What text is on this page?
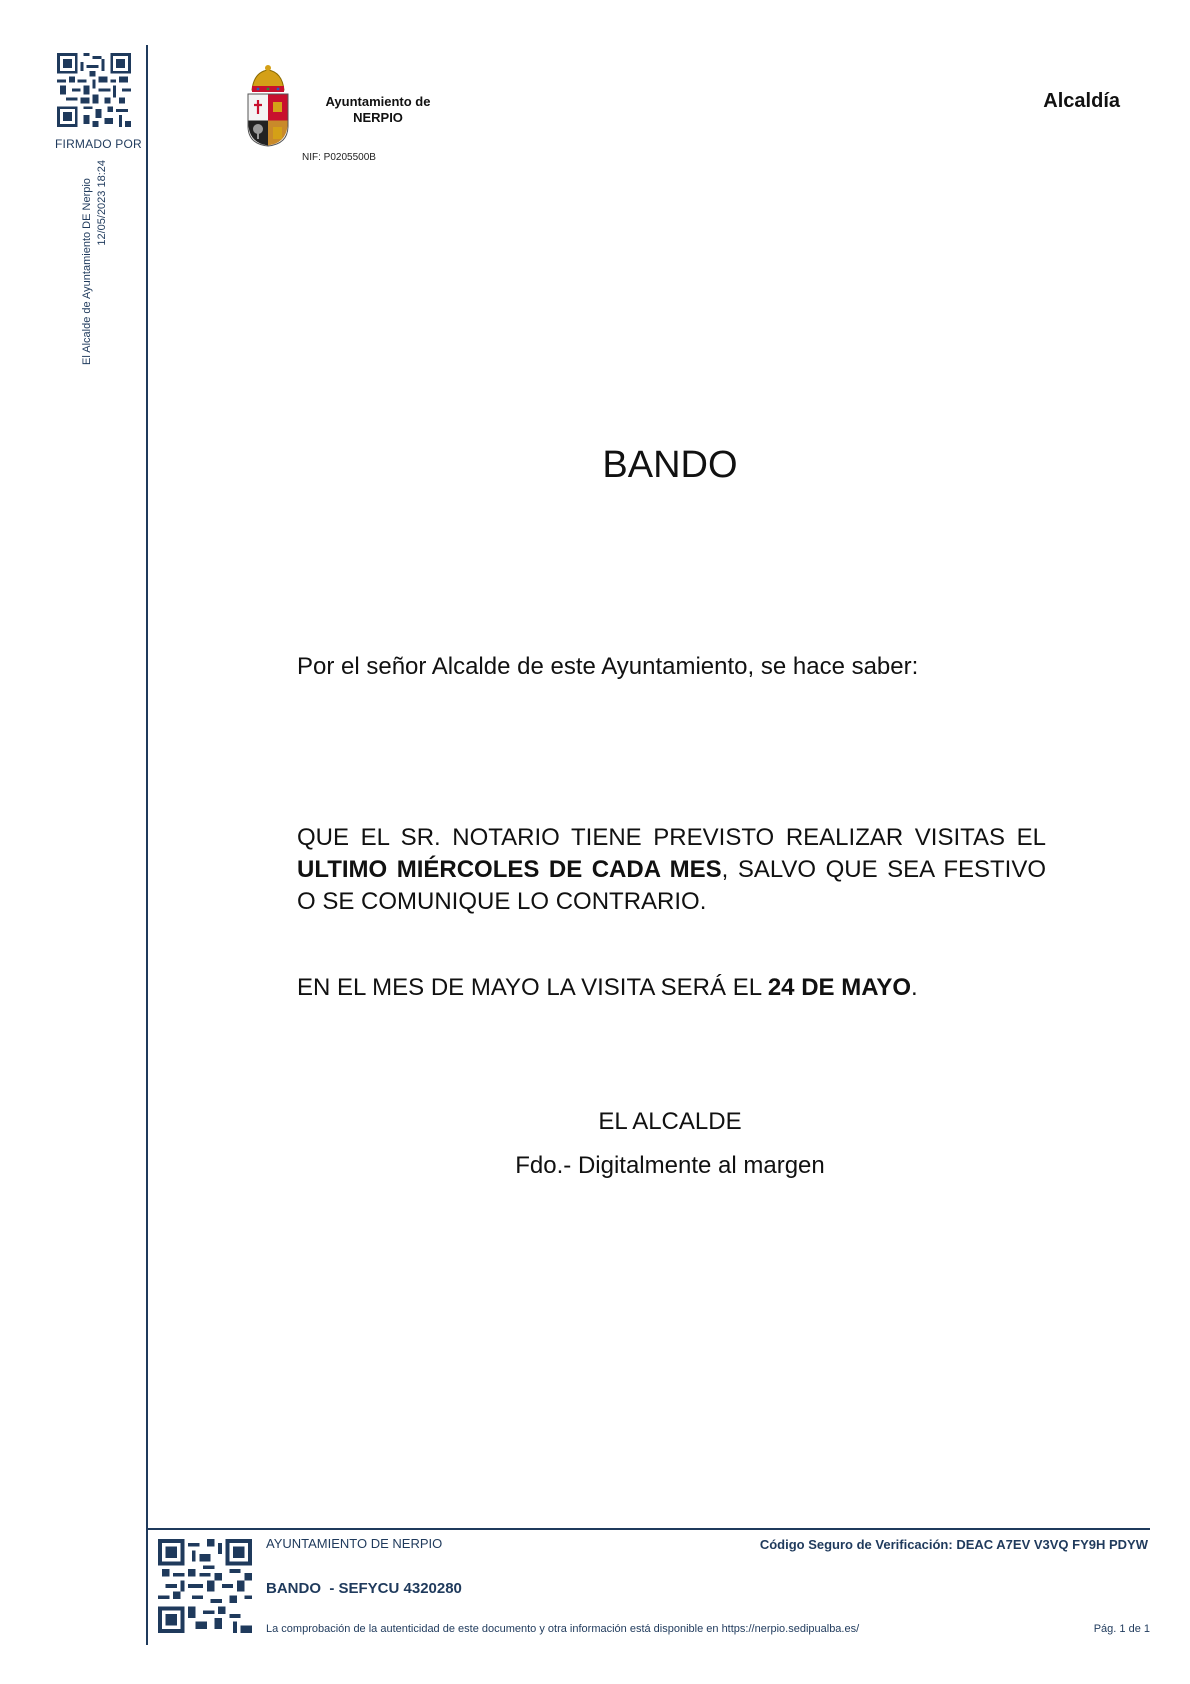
FIRMADO POR
El Alcalde de Ayuntamiento DE Nerpio 12/05/2023 18:24
Ayuntamiento de
NERPIO
NIF: P0205500B
Alcaldía
BANDO
Por el señor Alcalde de este Ayuntamiento, se hace saber:
QUE EL SR. NOTARIO TIENE PREVISTO REALIZAR VISITAS EL ULTIMO MIÉRCOLES DE CADA MES, SALVO QUE SEA FESTIVO O SE COMUNIQUE LO CONTRARIO.
EN EL MES DE MAYO LA VISITA SERÁ EL 24 DE MAYO.
EL ALCALDE
Fdo.- Digitalmente al margen
AYUNTAMIENTO DE NERPIO	Código Seguro de Verificación: DEAC A7EV V3VQ FY9H PDYW
BANDO  - SEFYCU 4320280
La comprobación de la autenticidad de este documento y otra información está disponible en https://nerpio.sedipualba.es/	Pág. 1 de 1
